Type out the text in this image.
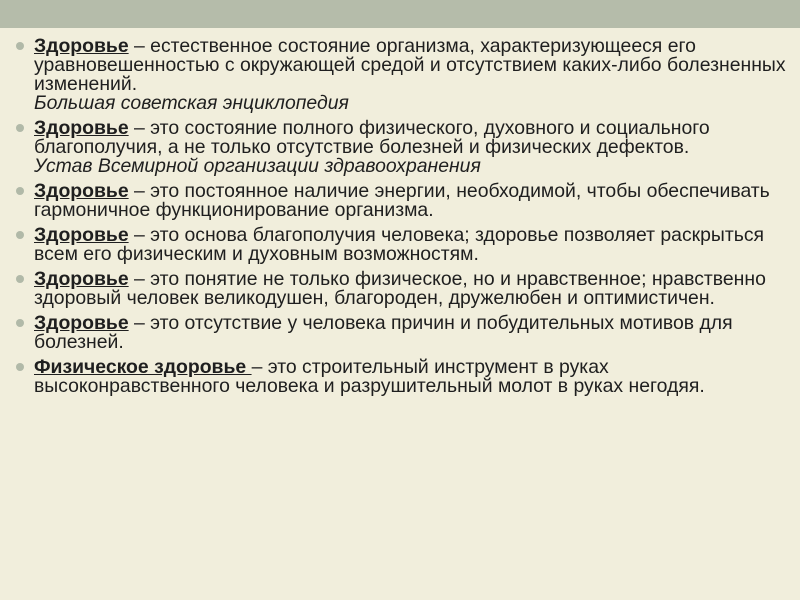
Здоровье – естественное состояние организма, характеризующееся его уравновешенностью с окружающей средой и отсутствием каких-либо болезненных изменений.
Большая советская энциклопедия
Здоровье – это состояние полного физического, духовного и социального благополучия, а не только отсутствие болезней и физических дефектов.
Устав Всемирной организации здравоохранения
Здоровье – это постоянное наличие энергии, необходимой, чтобы обеспечивать гармоничное функционирование организма.
Здоровье – это основа благополучия человека; здоровье позволяет раскрыться всем его физическим и духовным возможностям.
Здоровье – это понятие не только физическое, но и нравственное; нравственно здоровый человек великодушен, благороден, дружелюбен и оптимистичен.
Здоровье – это отсутствие у человека причин и побудительных мотивов для болезней.
Физическое здоровье – это строительный инструмент в руках высоконравственного человека и разрушительный молот в руках негодяя.
